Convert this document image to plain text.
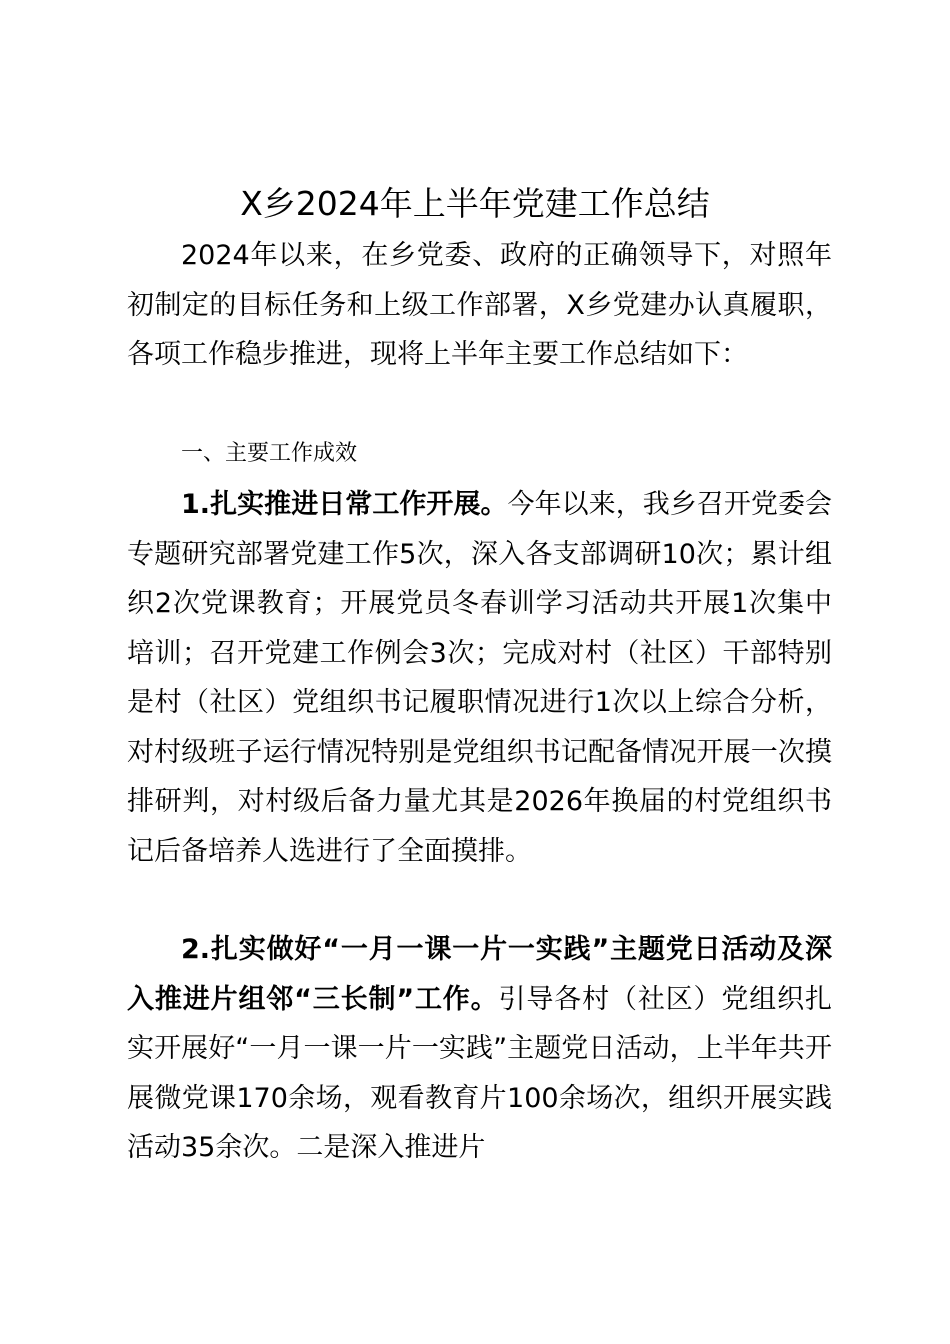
X乡2024年上半年党建工作总结

2024年以来，在乡党委、政府的正确领导下，对照年初制定的目标任务和上级工作部署，X乡党建办认真履职，各项工作稳步推进，现将上半年主要工作总结如下：

一、主要工作成效

1.扎实推进日常工作开展。今年以来，我乡召开党委会专题研究部署党建工作5次，深入各支部调研10次；累计组织2次党课教育；开展党员冬春训学习活动共开展1次集中培训；召开党建工作例会3次；完成对村（社区）干部特别是村（社区）党组织书记履职情况进行1次以上综合分析，对村级班子运行情况特别是党组织书记配备情况开展一次摸排研判，对村级后备力量尤其是2026年换届的村党组织书记后备培养人选进行了全面摸排。

2.扎实做好“一月一课一片一实践”主题党日活动及深入推进片组邻“三长制”工作。引导各村（社区）党组织扎实开展好“一月一课一片一实践”主题党日活动，上半年共开展微党课170余场，观看教育片100余场次，组织开展实践活动35余次。二是深入推进片
